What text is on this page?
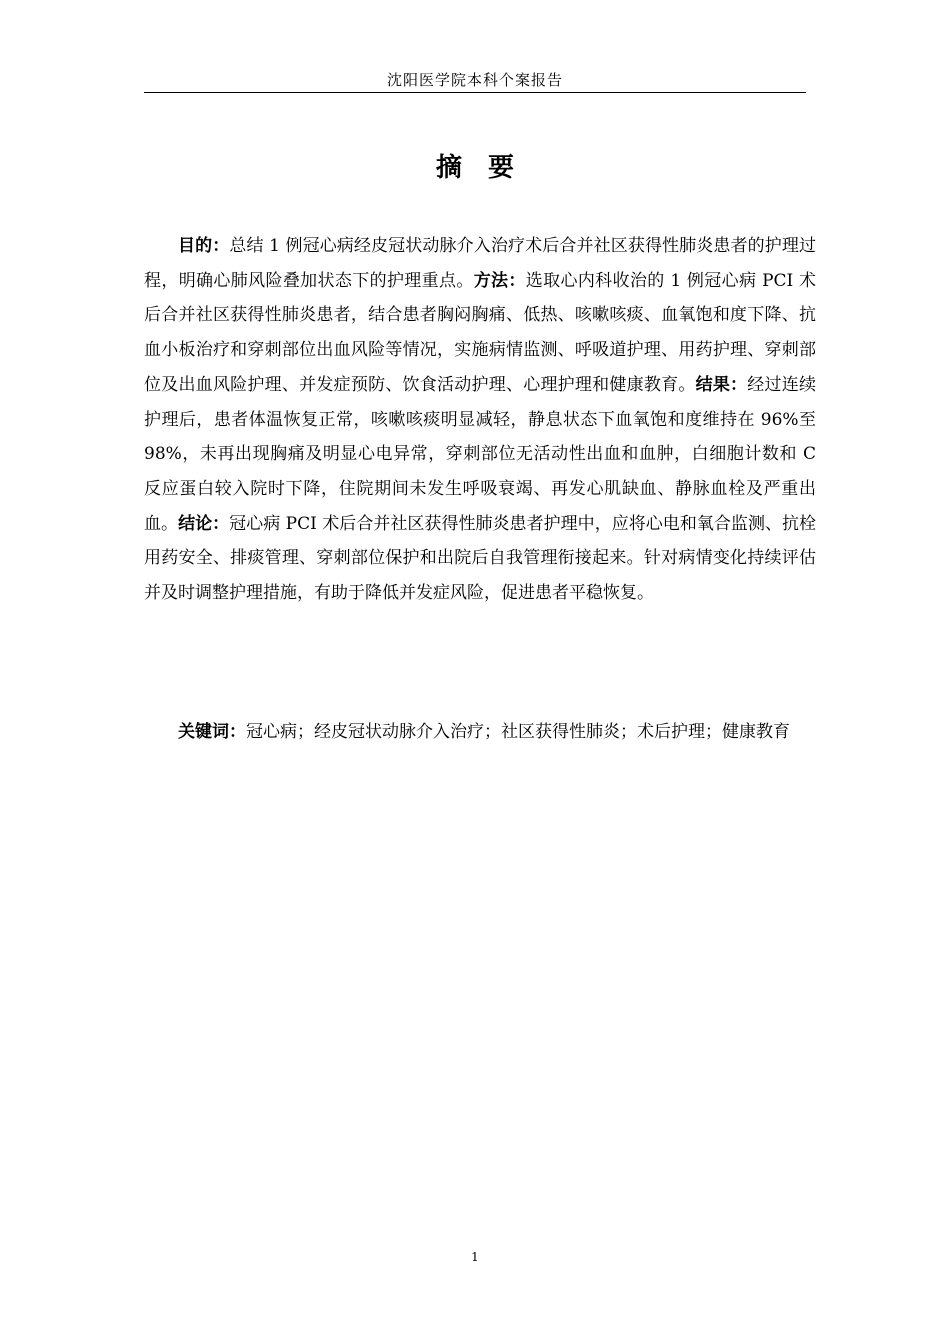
沈阳医学院本科个案报告
摘　要

目的：总结 1 例冠心病经皮冠状动脉介入治疗术后合并社区获得性肺炎患者的护理过程，明确心肺风险叠加状态下的护理重点。方法：选取心内科收治的 1 例冠心病 PCI 术后合并社区获得性肺炎患者，结合患者胸闷胸痛、低热、咳嗽咳痰、血氧饱和度下降、抗血小板治疗和穿刺部位出血风险等情况，实施病情监测、呼吸道护理、用药护理、穿刺部位及出血风险护理、并发症预防、饮食活动护理、心理护理和健康教育。结果：经过连续护理后，患者体温恢复正常，咳嗽咳痰明显减轻，静息状态下血氧饱和度维持在 96%至 98%，未再出现胸痛及明显心电异常，穿刺部位无活动性出血和血肿，白细胞计数和 C 反应蛋白较入院时下降，住院期间未发生呼吸衰竭、再发心肌缺血、静脉血栓及严重出血。结论：冠心病 PCI 术后合并社区获得性肺炎患者护理中，应将心电和氧合监测、抗栓用药安全、排痰管理、穿刺部位保护和出院后自我管理衔接起来。针对病情变化持续评估并及时调整护理措施，有助于降低并发症风险，促进患者平稳恢复。

关键词：冠心病；经皮冠状动脉介入治疗；社区获得性肺炎；术后护理；健康教育

1
